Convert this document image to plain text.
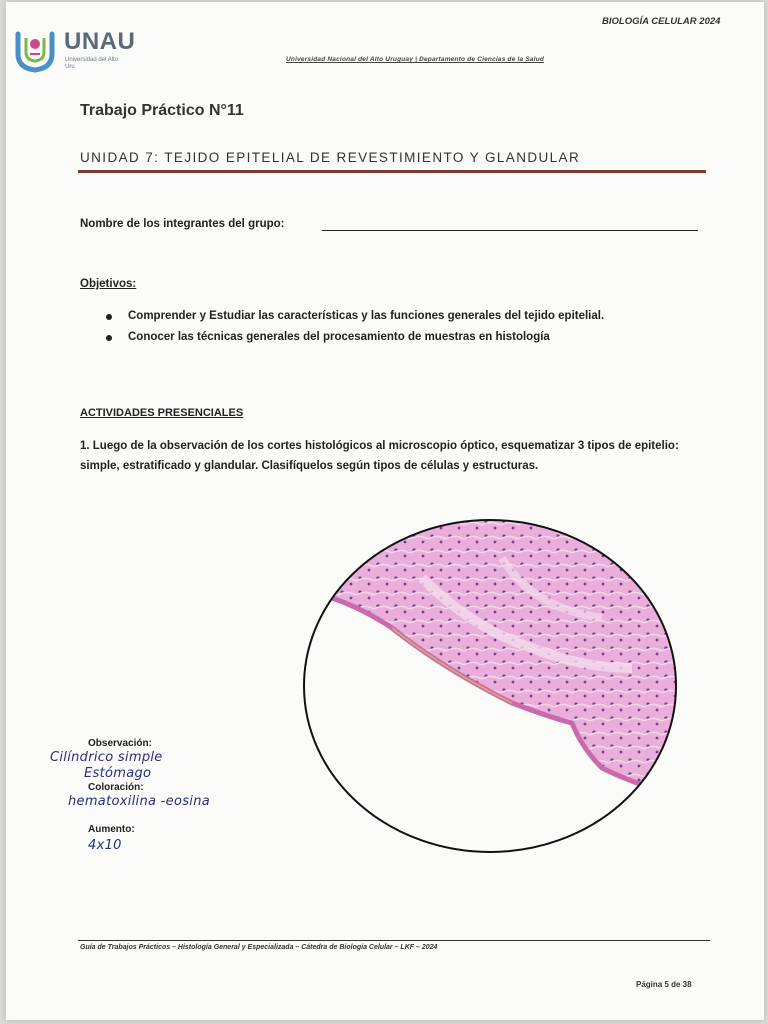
BIOLOGÍA CELULAR 2024
UNAU
Universidad del Alto Uru
Universidad Nacional del Alto Uruguay | Departamento de Ciencias de la Salud
Trabajo Práctico N°11
UNIDAD 7: TEJIDO EPITELIAL DE REVESTIMIENTO Y GLANDULAR
Nombre de los integrantes del grupo:
Objetivos:
Comprender y Estudiar las características y las funciones generales del tejido epitelial.
Conocer las técnicas generales del procesamiento de muestras en histología
ACTIVIDADES PRESENCIALES
1. Luego de la observación de los cortes histológicos al microscopio óptico, esquematizar 3 tipos de epitelio: simple, estratificado y glandular. Clasifíquelos según tipos de células y estructuras.
Observación:
Cilíndrico simple
Estómago
Coloración:
hematoxilina -eosina
Aumento:
4x10
Guía de Trabajos Prácticos – Histología General y Especializada – Cátedra de Biología Celular – LKF – 2024
Página 5 de 38
